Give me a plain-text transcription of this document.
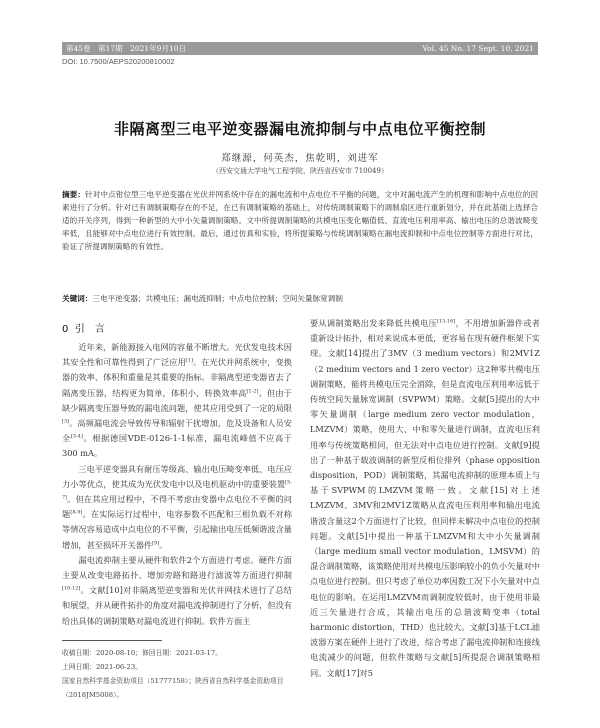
第45卷　第17期　2021年9月10日	Vol. 45 No. 17 Sept. 10, 2021
DOI: 10.7500/AEPS20200810002
非隔离型三电平逆变器漏电流抑制与中点电位平衡控制
郑继源，何英杰，焦乾明，刘进军
（西安交通大学电气工程学院，陕西省西安市 710049）
摘要：针对中点钳位型三电平逆变器在光伏并网系统中存在的漏电流和中点电位不平衡的问题，文中对漏电流产生的机理和影响中点电位的因素进行了分析。针对已有调制策略存在的不足，在已有调制策略的基础上，对传统调制策略下的调制扇区进行重新划分，并在此基础上选择合适的开关序列，得到一种新型的大中小矢量调制策略。文中所提调制策略的共模电压变化幅值低、直流电压利用率高、输出电压的总谐波畸变率低，且能够对中点电位进行有效控制。最后，通过仿真和实验，将所提策略与传统调制策略在漏电流抑制和中点电位控制等方面进行对比，验证了所提调制策略的有效性。
关键词：三电平逆变器；共模电压；漏电流抑制；中点电位控制；空间矢量脉宽调制
0 引　言

近年来，新能源接入电网的容量不断增大。光伏发电技术因其安全性和可靠性得到了广泛应用[1]。在光伏并网系统中，变换器的效率、体积和重量是其重要的指标。非隔离型逆变器省去了隔离变压器，结构更为简单，体积小，转换效率高[1-2]。但由于缺少隔离变压器导致的漏电流问题，使其应用受到了一定的局限[3]。高频漏电流会导致传导和辐射干扰增加，危及设备和人员安全[3-4]。根据德国VDE-0126-1-1标准，漏电流峰值不应高于300 mA。

三电平逆变器具有耐压等级高、输出电压畸变率低、电压应力小等优点，使其成为光伏发电中以及电机驱动中的重要装置[5-7]。但在其应用过程中，不得不考虑由变器中点电位不平衡的问题[8-9]。在实际运行过程中，电容参数不匹配和三相负载不对称等情况容易造成中点电位的不平衡，引起输出电压低频谐波含量增加，甚至损坏开关器件[9]。

漏电流抑制主要从硬件和软件2个方面进行考虑。硬件方面主要从改变电路拓扑、增加旁路和路进行滤波等方面进行抑制[10-12]。文献[10]对非隔离型逆变器和光伏并网技术进行了总结和展望，并从硬件拓扑的角度对漏电流抑制进行了分析，但没有给出具体的调制策略对漏电流进行抑制。软件方面主

要从调制策略出发来降低共模电压[13-16]，不用增加新器件或者重新设计拓扑，相对来说成本更低，更容易在现有硬件框架下实现。文献[14]提出了3MV（3 medium vectors）和2MV1Z（2 medium vectors and 1 zero vector）这2种零共模电压调制策略，能将共模电压完全消除，但是直流电压利用率远低于传统空间矢量脉宽调制（SVPWM）策略。文献[5]提出的大中零矢量调制（large medium zero vector modulation，LMZVM）策略，使用大、中和零矢量进行调制，直流电压利用率与传统策略相同，但无法对中点电位进行控制。文献[9]提出了一种基于载波调制的新型反相位排列（phase opposition disposition，POD）调制策略，其漏电流抑制的原理本质上与基于SVPWM的LMZVM策略一致。文献[15]对上述LMZVM、3MV和2MV1Z策略从直流电压利用率和输出电流谐波含量这2个方面进行了比较，但同样未解决中点电位的控制问题。文献[5]中提出一种基于LMZVM和大中小矢量调制（large medium small vector modulation，LMSVM）的混合调制策略，该策略使用对共模电压影响较小的负小矢量对中点电位进行控制。但只考虑了单位功率因数工况下小矢量对中点电位的影响。在运用LMZVM而调制度较低时，由于使用非最近三矢量进行合成，其输出电压的总谐波畸变率（total harmonic distortion，THD）也比较大。文献[3]基于LCL滤波器方案在硬件上进行了改进，综合考虑了漏电流抑制和连接线电流减少的问题，但软件策略与文献[5]所提混合调制策略相同。文献[17]对5

收稿日期：2020-08-10；修回日期：2021-03-17。
上网日期：2021-06-23。
国家自然科学基金资助项目（51777158）；陕西省自然科学基金资助项目（2018JM5008）。
